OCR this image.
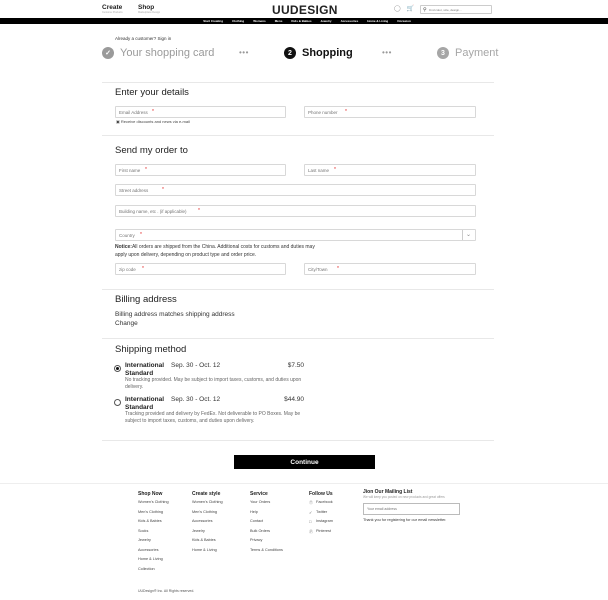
Create
Custome Products
Shop
Marketplace Design	UUDESIGN	◯ 🛒 ⚲
Find color, size, design...
Start Creating	Clothing	Womens	Mens	Kids & Babies	Jewelry	Accessories	Home & Living	Occasion
Already a customer? Sign in
✓ Your shopping card	•••	2 Shopping	•••	3 Payment
Enter your details
Email Address
*
Phone number	*
▣ Receive discounts and news via e-mail
Send my order to
First name
*
Last name	*
Street address
*
Building name, etc . (if applicable)
*
Country
*	⌄
Notice:All orders are shipped from the China. Additional costs for customs and duties may apply upon delivery, depending on product type and order price.
zip code
*
City/Town	*
Billing address
Billing address matches shipping address
Change
Shipping method
International Standard
Sep. 30 - Oct. 12	$7.50
No tracking provided. May be subject to import taxes, customs, and duties upon delivery.
International Standard
Sep. 30 - Oct. 12	$44.90
Tracking provided and delivery by FedEx. Not deliverable to PO Boxes. May be subject to import taxes, customs, and duties upon delivery.
Continue
Shop Now
Women's Clothing
Men's Clothing
Kids & Babies
Socks
Jewelry
Accessories
Home & Living
Collection
Create style
Women's Clothing
Men's Clothing
Accessories
Jewelry
Kids & Babies
Home & Living
Service
Your Orders
Help
Contact
Bulk Orders
Privacy
Terms & Conditions
Follow Us
Ⓣ Facebook
✓ Twitter
□	Instagram
Ⓟ Pinterest
Jion Our Mailing List
We will keep you posted on new products and great offers
Your email address
Thank you for registering for our email newsletter.
UUDesign® Inc. All Rights reserved.
